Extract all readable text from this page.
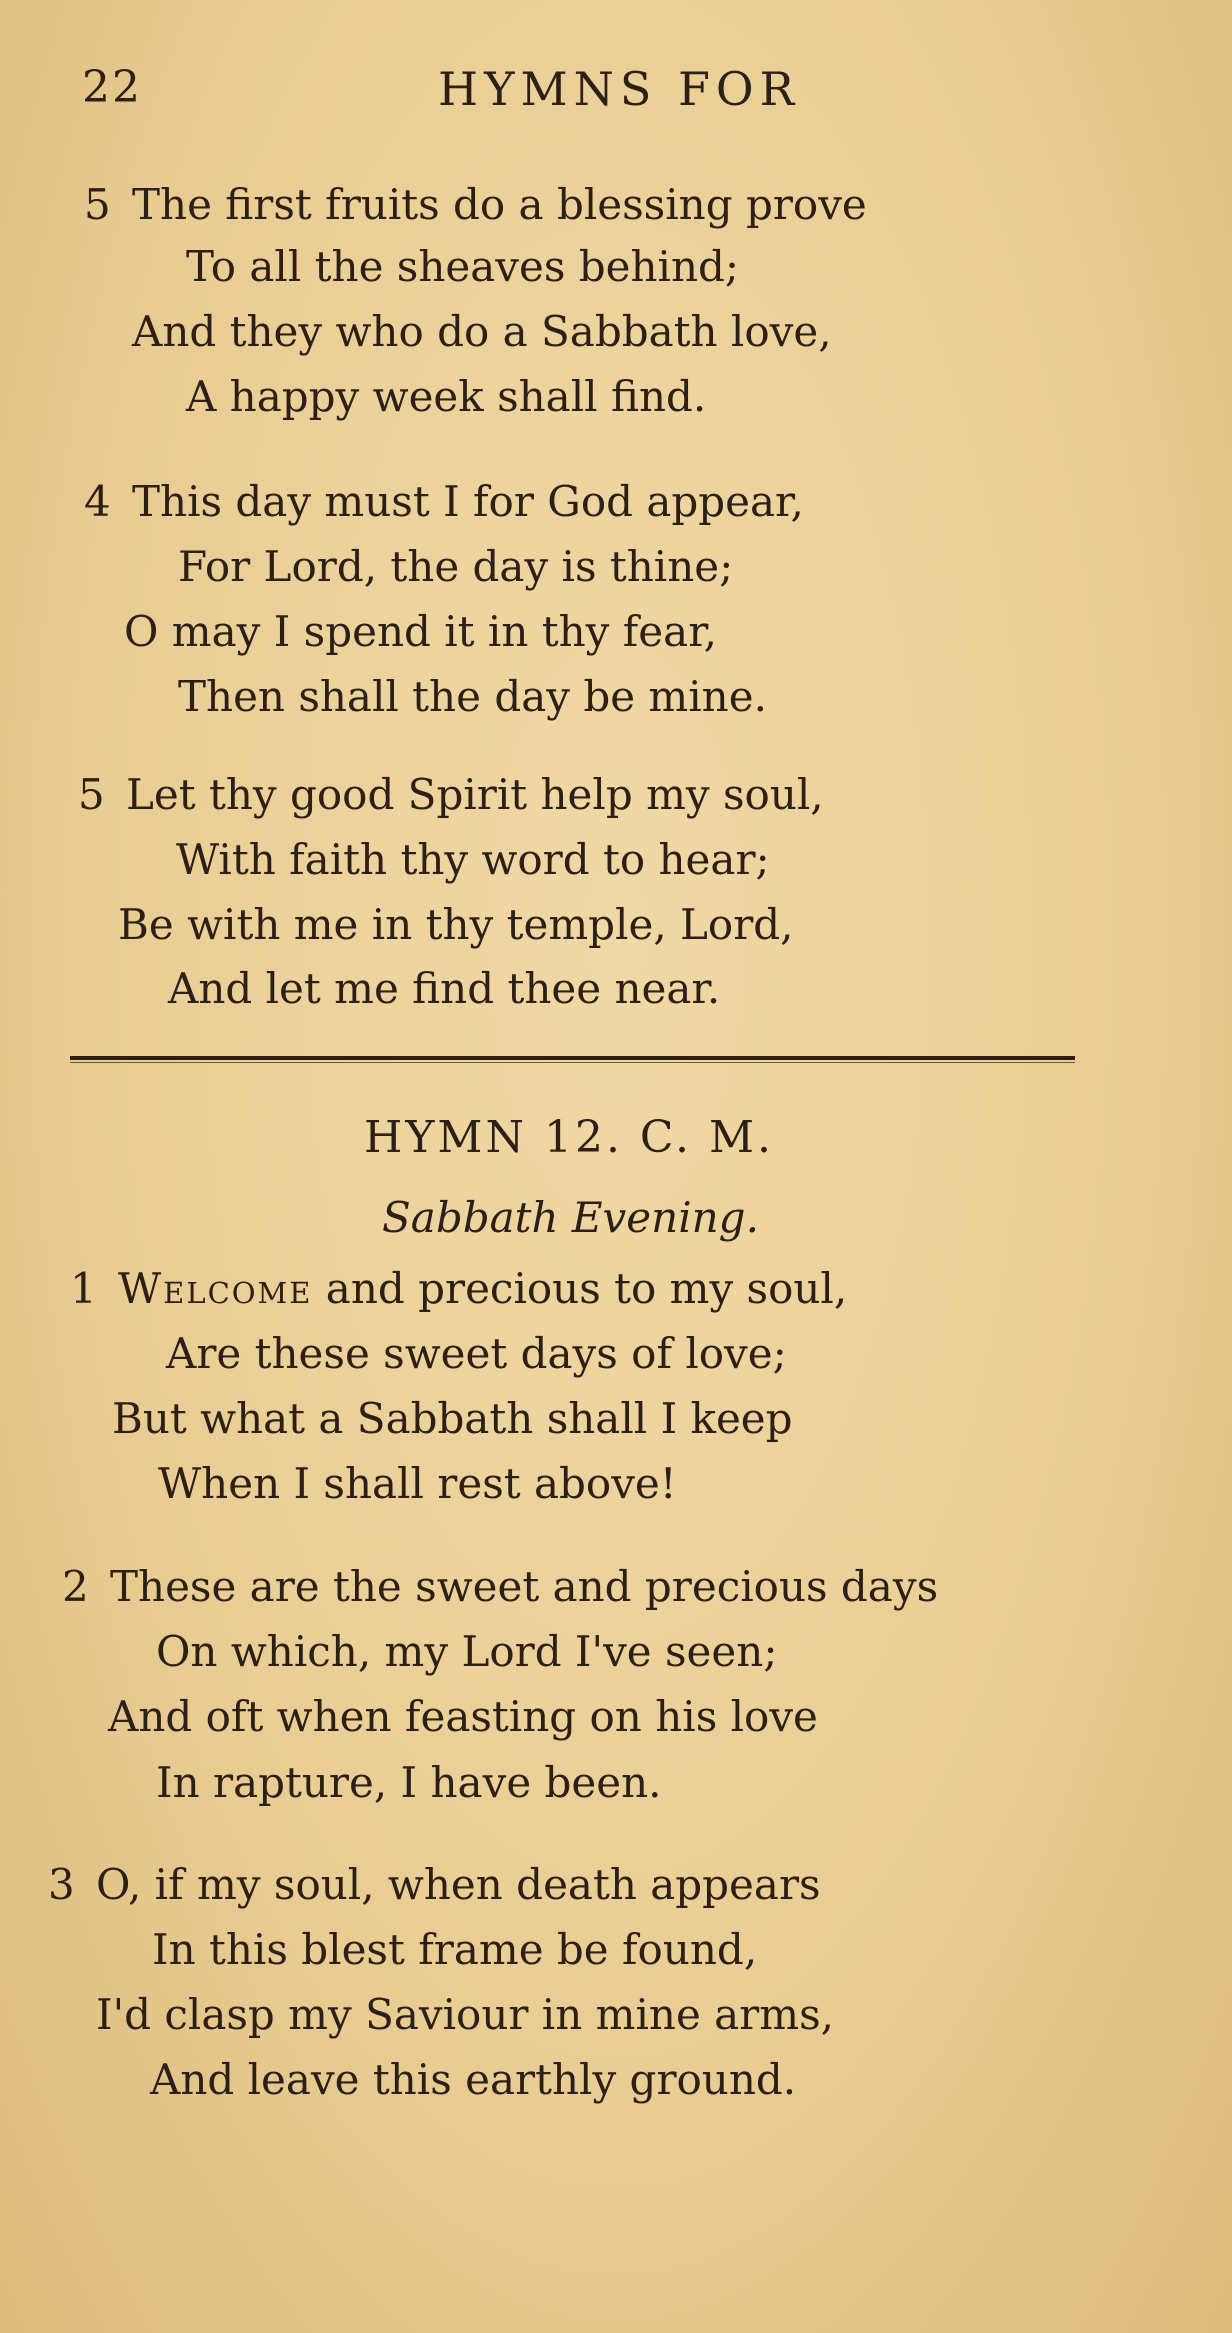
22	HYMNS FOR
5 The first fruits do a blessing prove
To all the sheaves behind;
And they who do a Sabbath love,
A happy week shall find.
4 This day must I for God appear,
For Lord, the day is thine;
O may I spend it in thy fear,
Then shall the day be mine.
5 Let thy good Spirit help my soul,
With faith thy word to hear;
Be with me in thy temple, Lord,
And let me find thee near.
HYMN 12. C. M.
Sabbath Evening.
1 Welcome and precious to my soul,
Are these sweet days of love;
But what a Sabbath shall I keep
When I shall rest above!
2 These are the sweet and precious days
On which, my Lord I've seen;
And oft when feasting on his love
In rapture, I have been.
3 O, if my soul, when death appears
In this blest frame be found,
I'd clasp my Saviour in mine arms,
And leave this earthly ground.
